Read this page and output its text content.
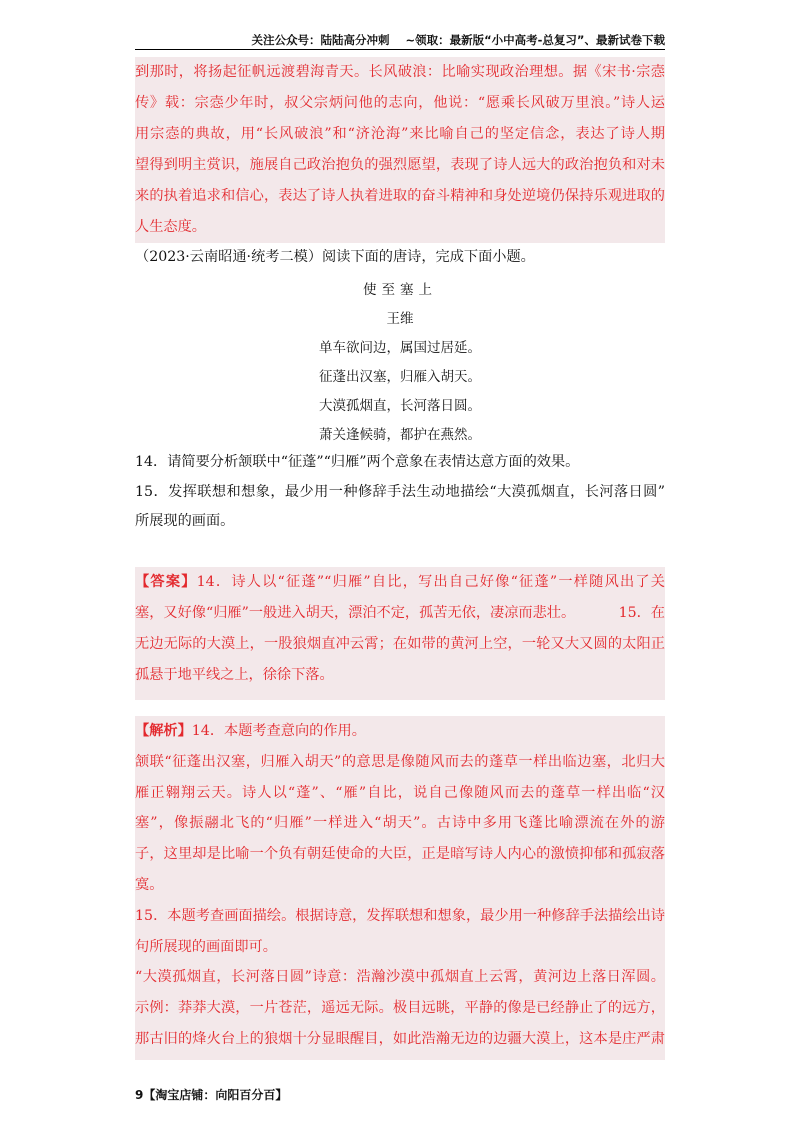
关注公众号：陆陆高分冲刺 ~领取：最新版“小中高考-总复习”、最新试卷下载
到那时，将扬起征帆远渡碧海青天。长风破浪：比喻实现政治理想。据《宋书·宗悫
传》载：宗悫少年时，叔父宗炳问他的志向，他说：“愿乘长风破万里浪。”诗人运
用宗悫的典故，用“长风破浪”和“济沧海”来比喻自己的坚定信念，表达了诗人期
望得到明主赏识，施展自己政治抱负的强烈愿望，表现了诗人远大的政治抱负和对未
来的执着追求和信心，表达了诗人执着进取的奋斗精神和身处逆境仍保持乐观进取的
人生态度。
（2023·云南昭通·统考二模）阅读下面的唐诗，完成下面小题。
使至塞上
王维
单车欲问边，属国过居延。
征蓬出汉塞，归雁入胡天。
大漠孤烟直，长河落日圆。
萧关逢候骑，都护在燕然。
14．请简要分析颔联中“征蓬”“归雁”两个意象在表情达意方面的效果。
15．发挥联想和想象，最少用一种修辞手法生动地描绘“大漠孤烟直，长河落日圆”
所展现的画面。
【答案】14．诗人以“征蓬”“归雁”自比，写出自己好像“征蓬”一样随风出了关
塞，又好像“归雁”一般进入胡天，漂泊不定，孤苦无依，凄凉而悲壮。	15．在
无边无际的大漠上，一股狼烟直冲云霄；在如带的黄河上空，一轮又大又圆的太阳正
孤悬于地平线之上，徐徐下落。
【解析】14．本题考查意向的作用。
颔联“征蓬出汉塞，归雁入胡天”的意思是像随风而去的蓬草一样出临边塞，北归大
雁正翱翔云天。诗人以“蓬”、“雁”自比，说自己像随风而去的蓬草一样出临“汉
塞”，像振翮北飞的“归雁”一样进入“胡天”。古诗中多用飞蓬比喻漂流在外的游
子，这里却是比喻一个负有朝廷使命的大臣，正是暗写诗人内心的激愤抑郁和孤寂落
寞。
15．本题考查画面描绘。根据诗意，发挥联想和想象，最少用一种修辞手法描绘出诗
句所展现的画面即可。
“大漠孤烟直，长河落日圆”诗意：浩瀚沙漠中孤烟直上云霄，黄河边上落日浑圆。
示例：莽莽大漠，一片苍茫，遥远无际。极目远眺，平静的像是已经静止了的远方，
那古旧的烽火台上的狼烟十分显眼醒目，如此浩瀚无边的边疆大漠上，这本是庄严肃
9【淘宝店铺：向阳百分百】
